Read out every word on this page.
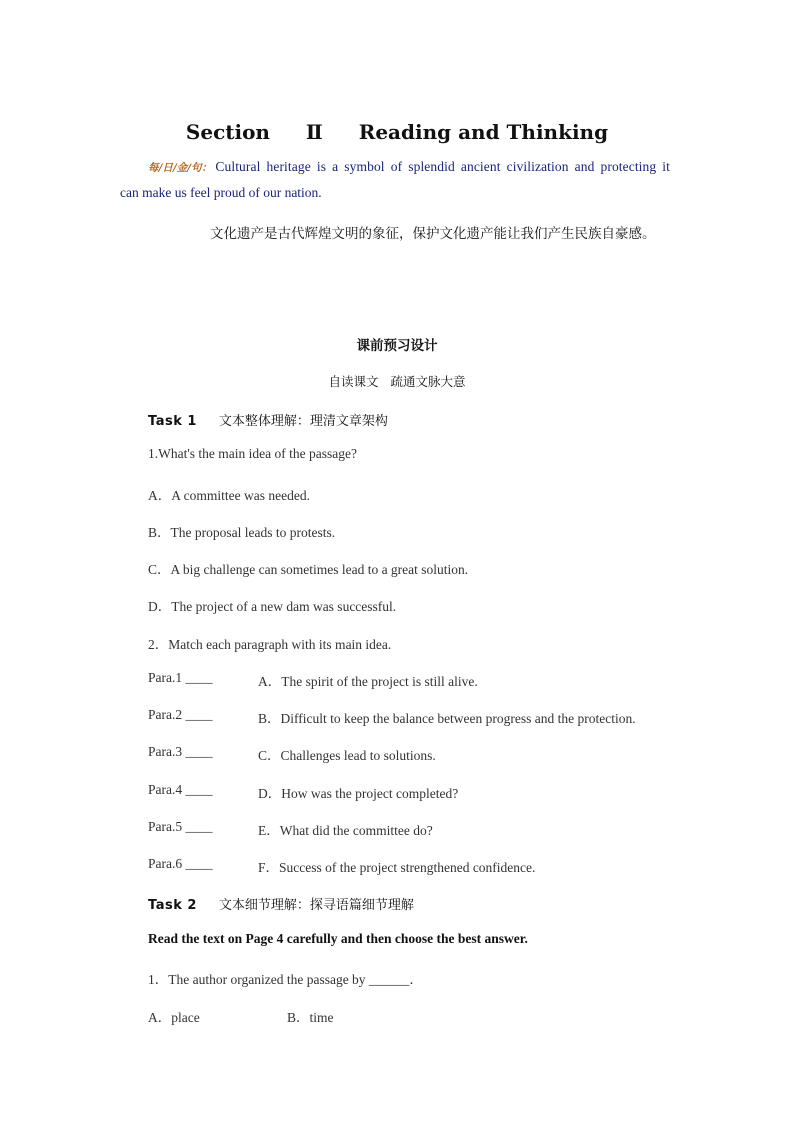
Section Ⅱ Reading and Thinking
每/日/金/句： Cultural heritage is a symbol of splendid ancient civilization and protecting it
can make us feel proud of our nation.
文化遗产是古代辉煌文明的象征，保护文化遗产能让我们产生民族自豪感。
课前预习设计
自读课文 疏通文脉大意
Task 1 文本整体理解：理清文章架构
1.What's the main idea of the passage?
A．A committee was needed.
B．The proposal leads to protests.
C．A big challenge can sometimes lead to a great solution.
D．The project of a new dam was successful.
2．Match each paragraph with its main idea.
Para.1 ____	A．The spirit of the project is still alive.
Para.2 ____	B．Difficult to keep the balance between progress and the protection.
Para.3 ____	C．Challenges lead to solutions.
Para.4 ____	D．How was the project completed?
Para.5 ____	E．What did the committee do?
Para.6 ____	F．Success of the project strengthened confidence.
Task 2 文本细节理解：探寻语篇细节理解
Read the text on Page 4 carefully and then choose the best answer.
1．The author organized the passage by ______．
A．place	B．time
